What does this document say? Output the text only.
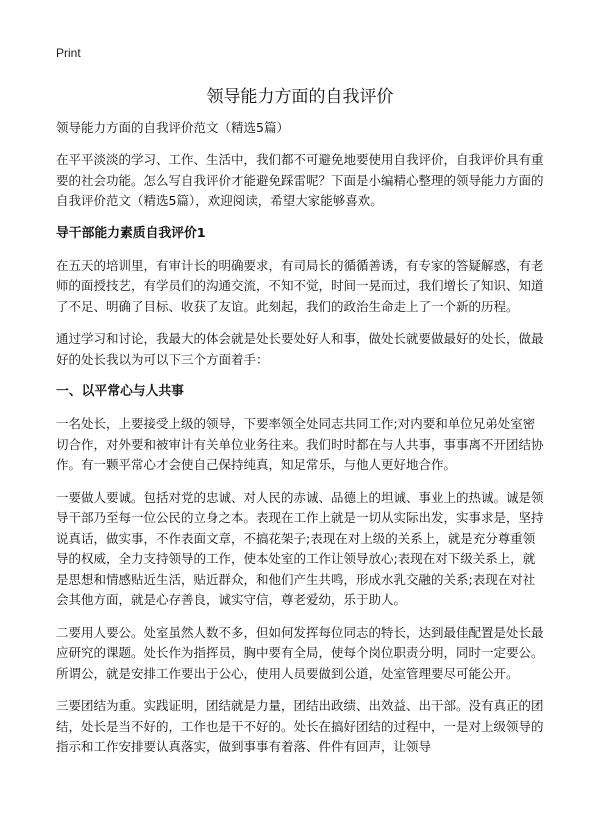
Print
领导能力方面的自我评价

领导能力方面的自我评价范文（精选5篇）

在平平淡淡的学习、工作、生活中，我们都不可避免地要使用自我评价，自我评价具有重要的社会功能。怎么写自我评价才能避免踩雷呢？下面是小编精心整理的领导能力方面的自我评价范文（精选5篇），欢迎阅读，希望大家能够喜欢。

导干部能力素质自我评价1

在五天的培训里，有审计长的明确要求，有司局长的循循善诱，有专家的答疑解惑，有老师的面授技艺，有学员们的沟通交流，不知不觉，时间一晃而过，我们增长了知识、知道了不足、明确了目标、收获了友谊。此刻起，我们的政治生命走上了一个新的历程。

通过学习和讨论，我最大的体会就是处长要处好人和事，做处长就要做最好的处长，做最好的处长我以为可以下三个方面着手：

一、以平常心与人共事

一名处长，上要接受上级的领导，下要率领全处同志共同工作;对内要和单位兄弟处室密切合作，对外要和被审计有关单位业务往来。我们时时都在与人共事，事事离不开团结协作。有一颗平常心才会使自己保持纯真，知足常乐，与他人更好地合作。

一要做人要诚。包括对党的忠诚、对人民的赤诚、品德上的坦诚、事业上的热诚。诚是领导干部乃至每一位公民的立身之本。表现在工作上就是一切从实际出发，实事求是，坚持说真话，做实事，不作表面文章，不搞花架子;表现在对上级的关系上，就是充分尊重领导的权威，全力支持领导的工作，使本处室的工作让领导放心;表现在对下级关系上，就是思想和情感贴近生活，贴近群众，和他们产生共鸣，形成水乳交融的关系;表现在对社会其他方面，就是心存善良，诚实守信，尊老爱幼，乐于助人。

二要用人要公。处室虽然人数不多，但如何发挥每位同志的特长，达到最佳配置是处长最应研究的课题。处长作为指挥员，胸中要有全局，使每个岗位职责分明，同时一定要公。所谓公，就是安排工作要出于公心，使用人员要做到公道，处室管理要尽可能公开。

三要团结为重。实践证明，团结就是力量，团结出政绩、出效益、出干部。没有真正的团结，处长是当不好的，工作也是干不好的。处长在搞好团结的过程中，一是对上级领导的指示和工作安排要认真落实，做到事事有着落、件件有回声，让领导
